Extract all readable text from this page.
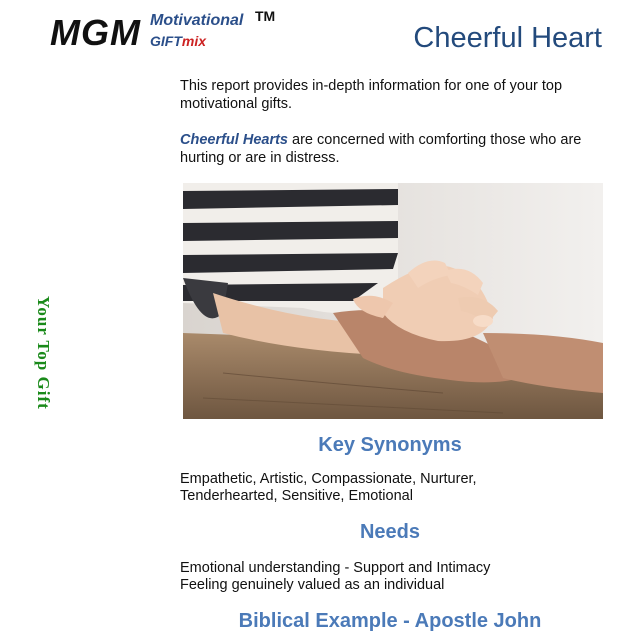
MGM Motivational TM
GIFTmix	Cheerful Heart
Your Top Gift

This report provides in-depth information for one of your top motivational gifts.

Cheerful Hearts are concerned with comforting those who are hurting or are in distress.

Key Synonyms
Empathetic, Artistic, Compassionate, Nurturer,
Tenderhearted, Sensitive, Emotional
Needs
Emotional understanding - Support and Intimacy
Feeling genuinely valued as an individual
Biblical Example - Apostle John
